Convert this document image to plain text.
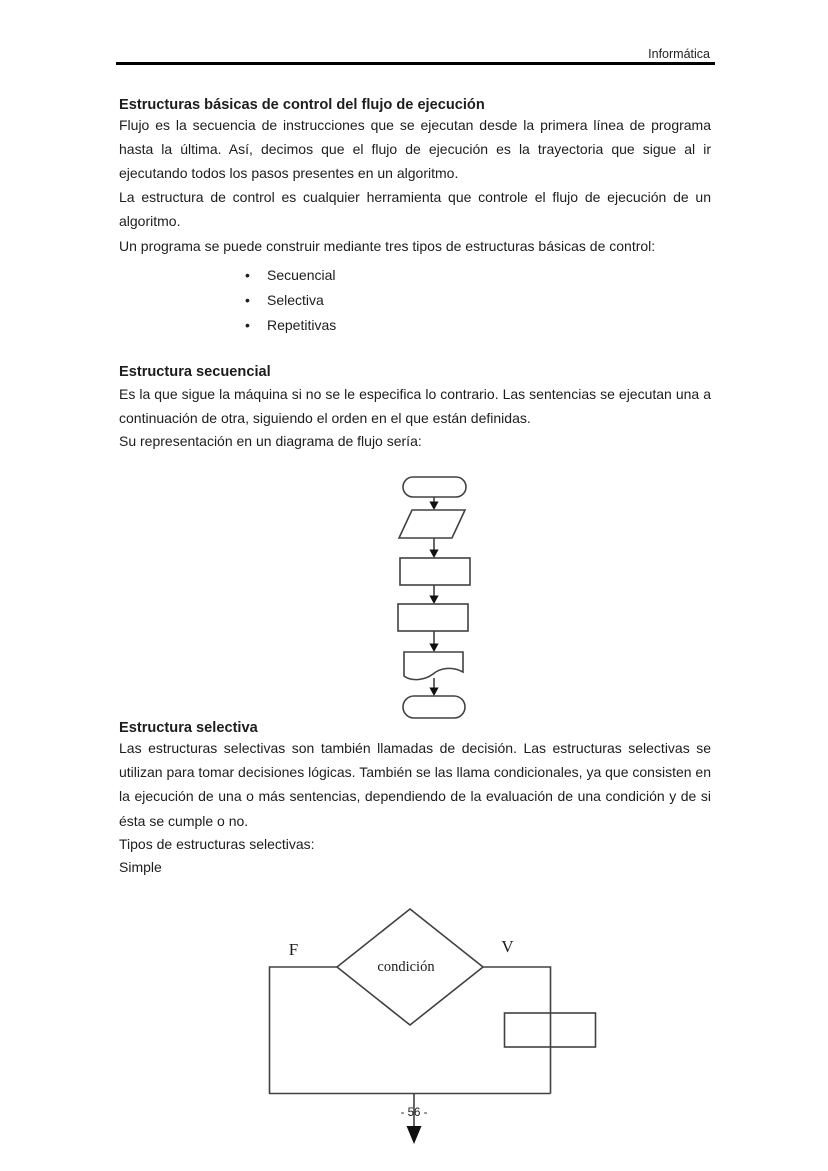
Informática
Estructuras básicas de control del flujo de ejecución
Flujo es la secuencia de instrucciones que se ejecutan desde la primera línea de programa
hasta la última. Así, decimos que el flujo de ejecución es la trayectoria que sigue al ir
ejecutando todos los pasos presentes en un algoritmo.
La estructura de control es cualquier herramienta que controle el flujo de ejecución de un
algoritmo.
Un programa se puede construir mediante tres tipos de estructuras básicas de control:
• Secuencial
• Selectiva
• Repetitivas
Estructura secuencial
Es la que sigue la máquina si no se le especifica lo contrario. Las sentencias se ejecutan una a
continuación de otra, siguiendo el orden en el que están definidas.
Su representación en un diagrama de flujo sería:
Estructura selectiva
Las estructuras selectivas son también llamadas de decisión. Las estructuras selectivas se
utilizan para tomar decisiones lógicas. También se las llama condicionales, ya que consisten en
la ejecución de una o más sentencias, dependiendo de la evaluación de una condición y de si
ésta se cumple o no.
Tipos de estructuras selectivas:
Simple
condición
F	V
- 56 -
